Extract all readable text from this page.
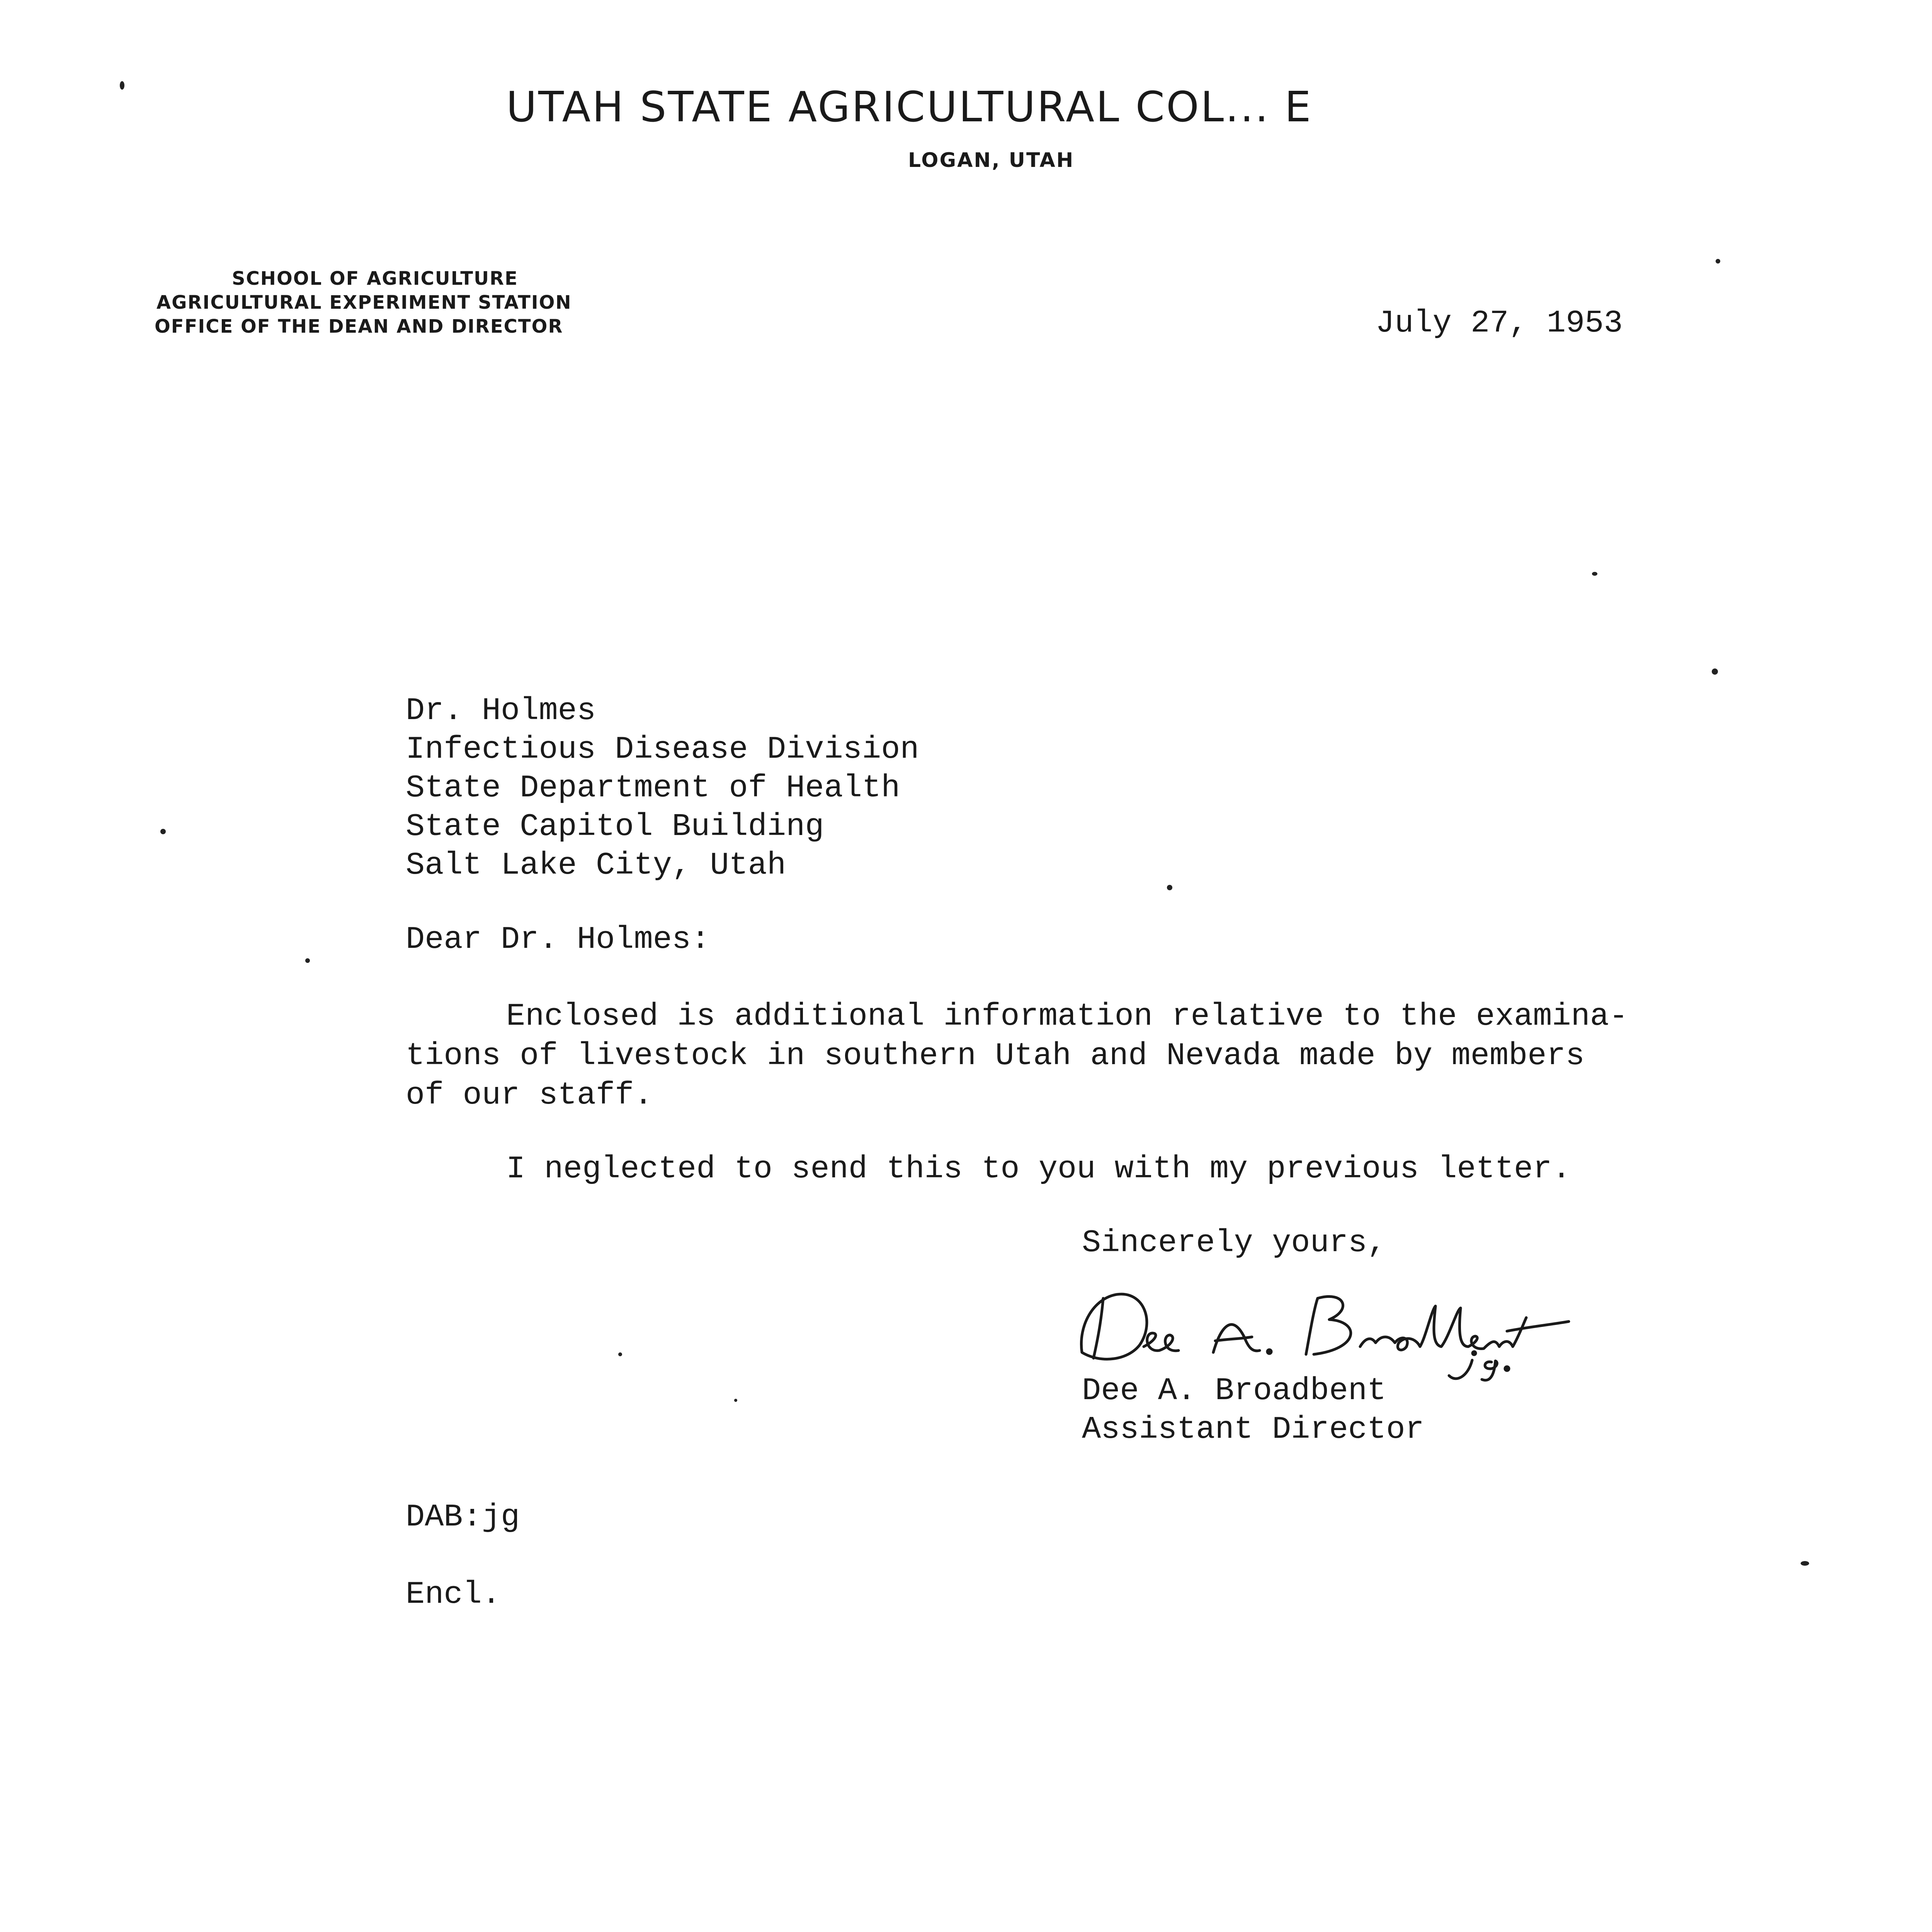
UTAH STATE AGRICULTURAL COL... E
LOGAN, UTAH
SCHOOL OF AGRICULTURE
AGRICULTURAL EXPERIMENT STATION
OFFICE OF THE DEAN AND DIRECTOR	July 27, 1953
Dr. Holmes
Infectious Disease Division
State Department of Health
State Capitol Building
Salt Lake City, Utah
Dear Dr. Holmes:
Enclosed is additional information relative to the examina-
tions of livestock in southern Utah and Nevada made by members
of our staff.
I neglected to send this to you with my previous letter.
Sincerely yours,
Dee A. Broadbent
Assistant Director
DAB:jg
Encl.
